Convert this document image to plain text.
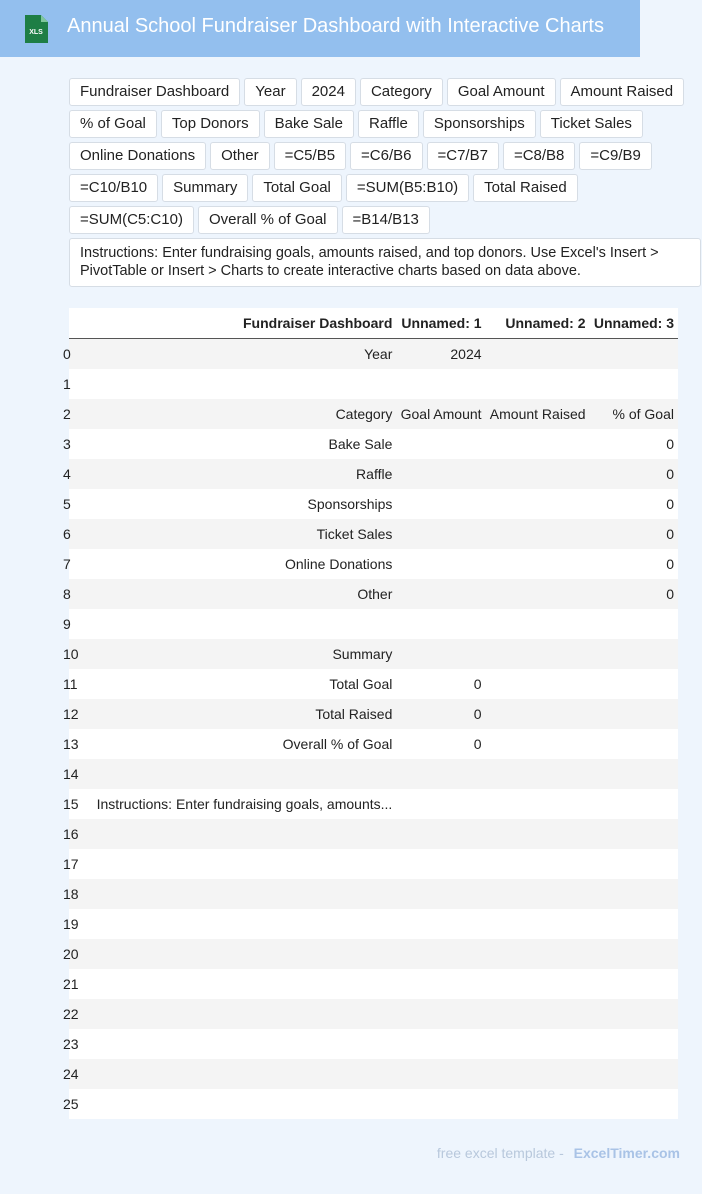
XLS Annual School Fundraiser Dashboard with Interactive Charts
Fundraiser Dashboard	Year	2024	Category	Goal Amount	Amount Raised
% of Goal	Top Donors	Bake Sale	Raffle	Sponsorships	Ticket Sales
Online Donations	Other	=C5/B5	=C6/B6	=C7/B7	=C8/B8	=C9/B9
=C10/B10	Summary	Total Goal	=SUM(B5:B10)	Total Raised
=SUM(C5:C10)	Overall % of Goal	=B14/B13
Instructions: Enter fundraising goals, amounts raised, and top donors. Use Excel's Insert > PivotTable or Insert > Charts to create interactive charts based on data above.
	Fundraiser Dashboard	Unnamed: 1	Unnamed: 2	Unnamed: 3
0	Year	2024		
1				
2	Category	Goal Amount	Amount Raised	% of Goal
3	Bake Sale			0
4	Raffle			0
5	Sponsorships			0
6	Ticket Sales			0
7	Online Donations			0
8	Other			0
9				
10	Summary			
11	Total Goal	0		
12	Total Raised	0		
13	Overall % of Goal	0		
14				
15	Instructions: Enter fundraising goals, amounts...			
16				
17				
18				
19				
20				
21				
22				
23				
24				
25				
free excel template - ExcelTimer.com
